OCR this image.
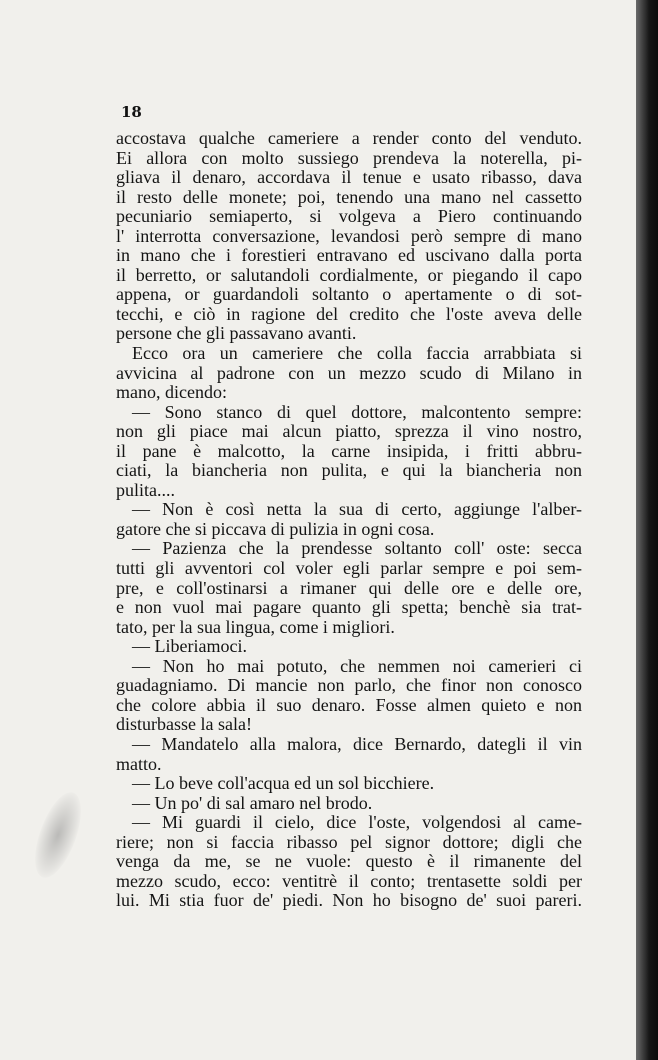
18
accostava qualche cameriere a render conto del venduto.
Ei allora con molto sussiego prendeva la noterella, pi-
gliava il denaro, accordava il tenue e usato ribasso, dava
il resto delle monete; poi, tenendo una mano nel cassetto
pecuniario semiaperto, si volgeva a Piero continuando
l' interrotta conversazione, levandosi però sempre di mano
in mano che i forestieri entravano ed uscivano dalla porta
il berretto, or salutandoli cordialmente, or piegando il capo
appena, or guardandoli soltanto o apertamente o di sot-
tecchi, e ciò in ragione del credito che l'oste aveva delle
persone che gli passavano avanti.
Ecco ora un cameriere che colla faccia arrabbiata si
avvicina al padrone con un mezzo scudo di Milano in
mano, dicendo:
— Sono stanco di quel dottore, malcontento sempre:
non gli piace mai alcun piatto, sprezza il vino nostro,
il pane è malcotto, la carne insipida, i fritti abbru-
ciati, la biancheria non pulita, e qui la biancheria non
pulita....
— Non è così netta la sua di certo, aggiunge l'alber-
gatore che si piccava di pulizia in ogni cosa.
— Pazienza che la prendesse soltanto coll' oste: secca
tutti gli avventori col voler egli parlar sempre e poi sem-
pre, e coll'ostinarsi a rimaner qui delle ore e delle ore,
e non vuol mai pagare quanto gli spetta; benchè sia trat-
tato, per la sua lingua, come i migliori.
— Liberiamoci.
— Non ho mai potuto, che nemmen noi camerieri ci
guadagniamo. Di mancie non parlo, che finor non conosco
che colore abbia il suo denaro. Fosse almen quieto e non
disturbasse la sala!
— Mandatelo alla malora, dice Bernardo, dategli il vin
matto.
— Lo beve coll'acqua ed un sol bicchiere.
— Un po' di sal amaro nel brodo.
— Mi guardi il cielo, dice l'oste, volgendosi al came-
riere; non si faccia ribasso pel signor dottore; digli che
venga da me, se ne vuole: questo è il rimanente del
mezzo scudo, ecco: ventitrè il conto; trentasette soldi per
lui. Mi stia fuor de' piedi. Non ho bisogno de' suoi pareri.
